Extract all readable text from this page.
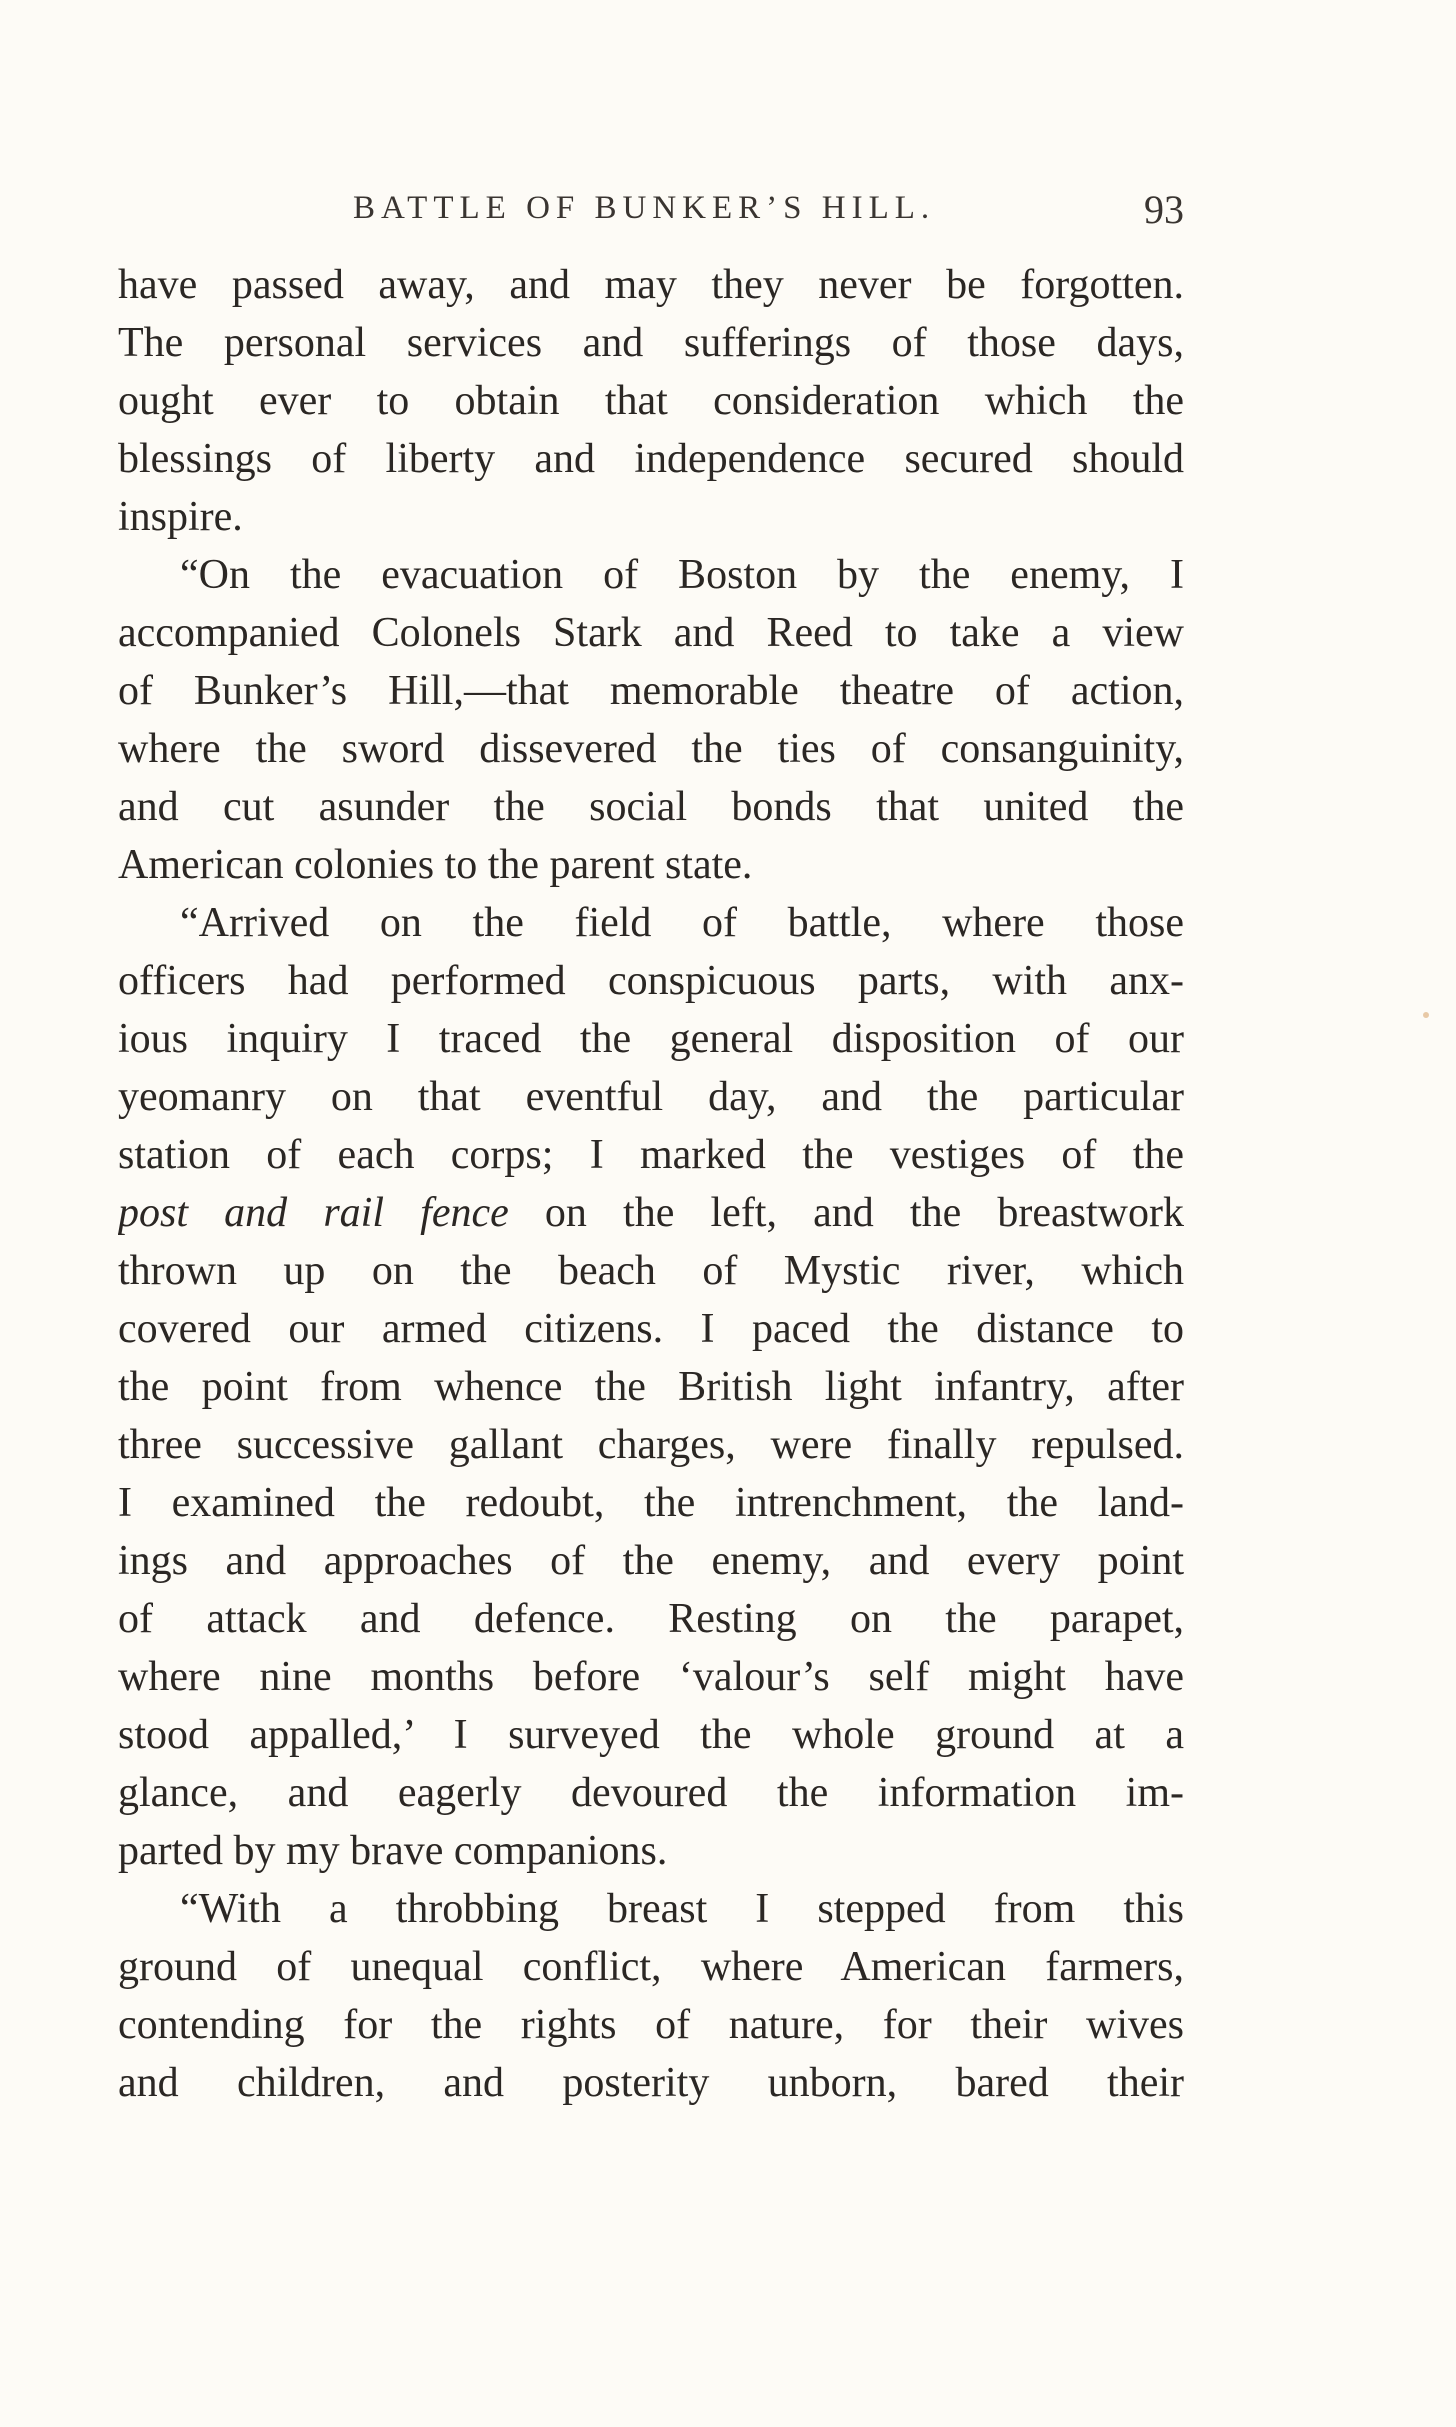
BATTLE OF BUNKER’S HILL.	93
have passed away, and may they never be forgotten.
The personal services and sufferings of those days,
ought ever to obtain that consideration which the
blessings of liberty and independence secured should
inspire.
“On the evacuation of Boston by the enemy, I
accompanied Colonels Stark and Reed to take a view
of Bunker’s Hill,—that memorable theatre of action,
where the sword dissevered the ties of consanguinity,
and cut asunder the social bonds that united the
American colonies to the parent state.
“Arrived on the field of battle, where those
officers had performed conspicuous parts, with anx-
ious inquiry I traced the general disposition of our
yeomanry on that eventful day, and the particular
station of each corps; I marked the vestiges of the
post and rail fence on the left, and the breastwork
thrown up on the beach of Mystic river, which
covered our armed citizens. I paced the distance to
the point from whence the British light infantry, after
three successive gallant charges, were finally repulsed.
I examined the redoubt, the intrenchment, the land-
ings and approaches of the enemy, and every point
of attack and defence. Resting on the parapet,
where nine months before ‘valour’s self might have
stood appalled,’ I surveyed the whole ground at a
glance, and eagerly devoured the information im-
parted by my brave companions.
“With a throbbing breast I stepped from this
ground of unequal conflict, where American farmers,
contending for the rights of nature, for their wives
and children, and posterity unborn, bared their
